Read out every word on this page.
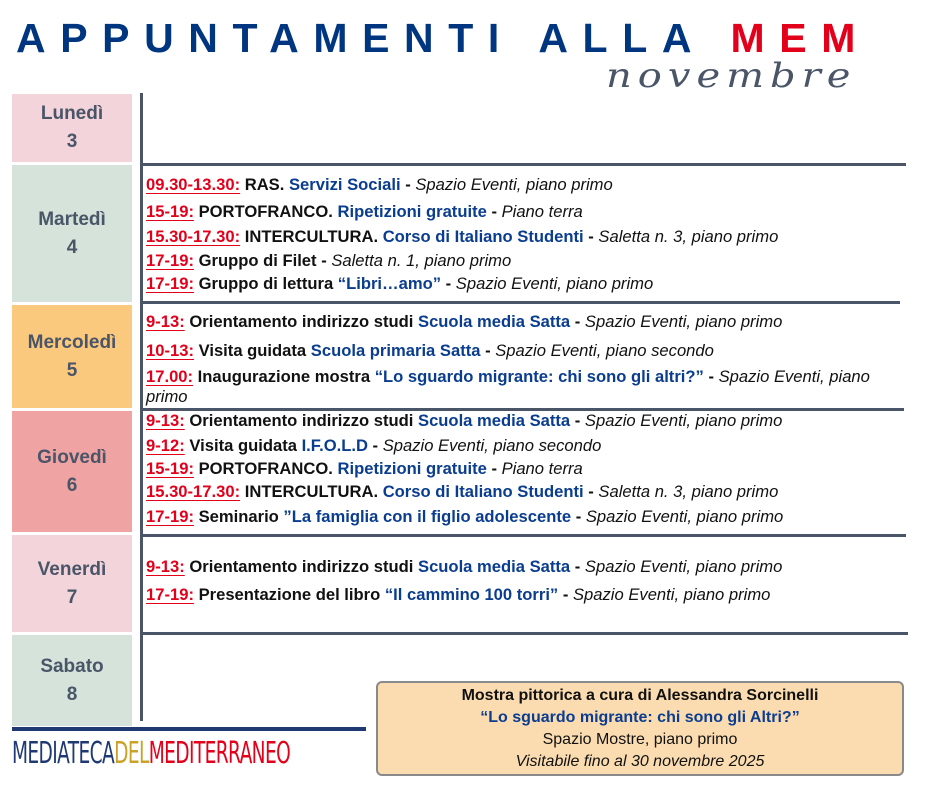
APPUNTAMENTI ALLA MEM
novembre
Lunedì
3
Martedì
4
09.30-13.30: RAS. Servizi Sociali - Spazio Eventi, piano primo
15-19: PORTOFRANCO. Ripetizioni gratuite - Piano terra
15.30-17.30: INTERCULTURA. Corso di Italiano Studenti - Saletta n. 3, piano primo
17-19: Gruppo di Filet - Saletta n. 1, piano primo
17-19: Gruppo di lettura “Libri…amo” - Spazio Eventi, piano primo
Mercoledì
5
9-13: Orientamento indirizzo studi Scuola media Satta - Spazio Eventi, piano primo
10-13: Visita guidata Scuola primaria Satta - Spazio Eventi, piano secondo
17.00: Inaugurazione mostra “Lo sguardo migrante: chi sono gli altri?” - Spazio Eventi, piano primo
Giovedì
6
9-13: Orientamento indirizzo studi Scuola media Satta - Spazio Eventi, piano primo
9-12: Visita guidata I.F.O.L.D - Spazio Eventi, piano secondo
15-19: PORTOFRANCO. Ripetizioni gratuite - Piano terra
15.30-17.30: INTERCULTURA. Corso di Italiano Studenti - Saletta n. 3, piano primo
17-19: Seminario ”La famiglia con il figlio adolescente - Spazio Eventi, piano primo
Venerdì
7
9-13: Orientamento indirizzo studi Scuola media Satta - Spazio Eventi, piano primo
17-19: Presentazione del libro “Il cammino 100 torri” - Spazio Eventi, piano primo
Sabato
8
MEDIATECADELMEDITERRANEO
Mostra pittorica a cura di Alessandra Sorcinelli
“Lo sguardo migrante: chi sono gli Altri?”
Spazio Mostre, piano primo
Visitabile fino al 30 novembre 2025
